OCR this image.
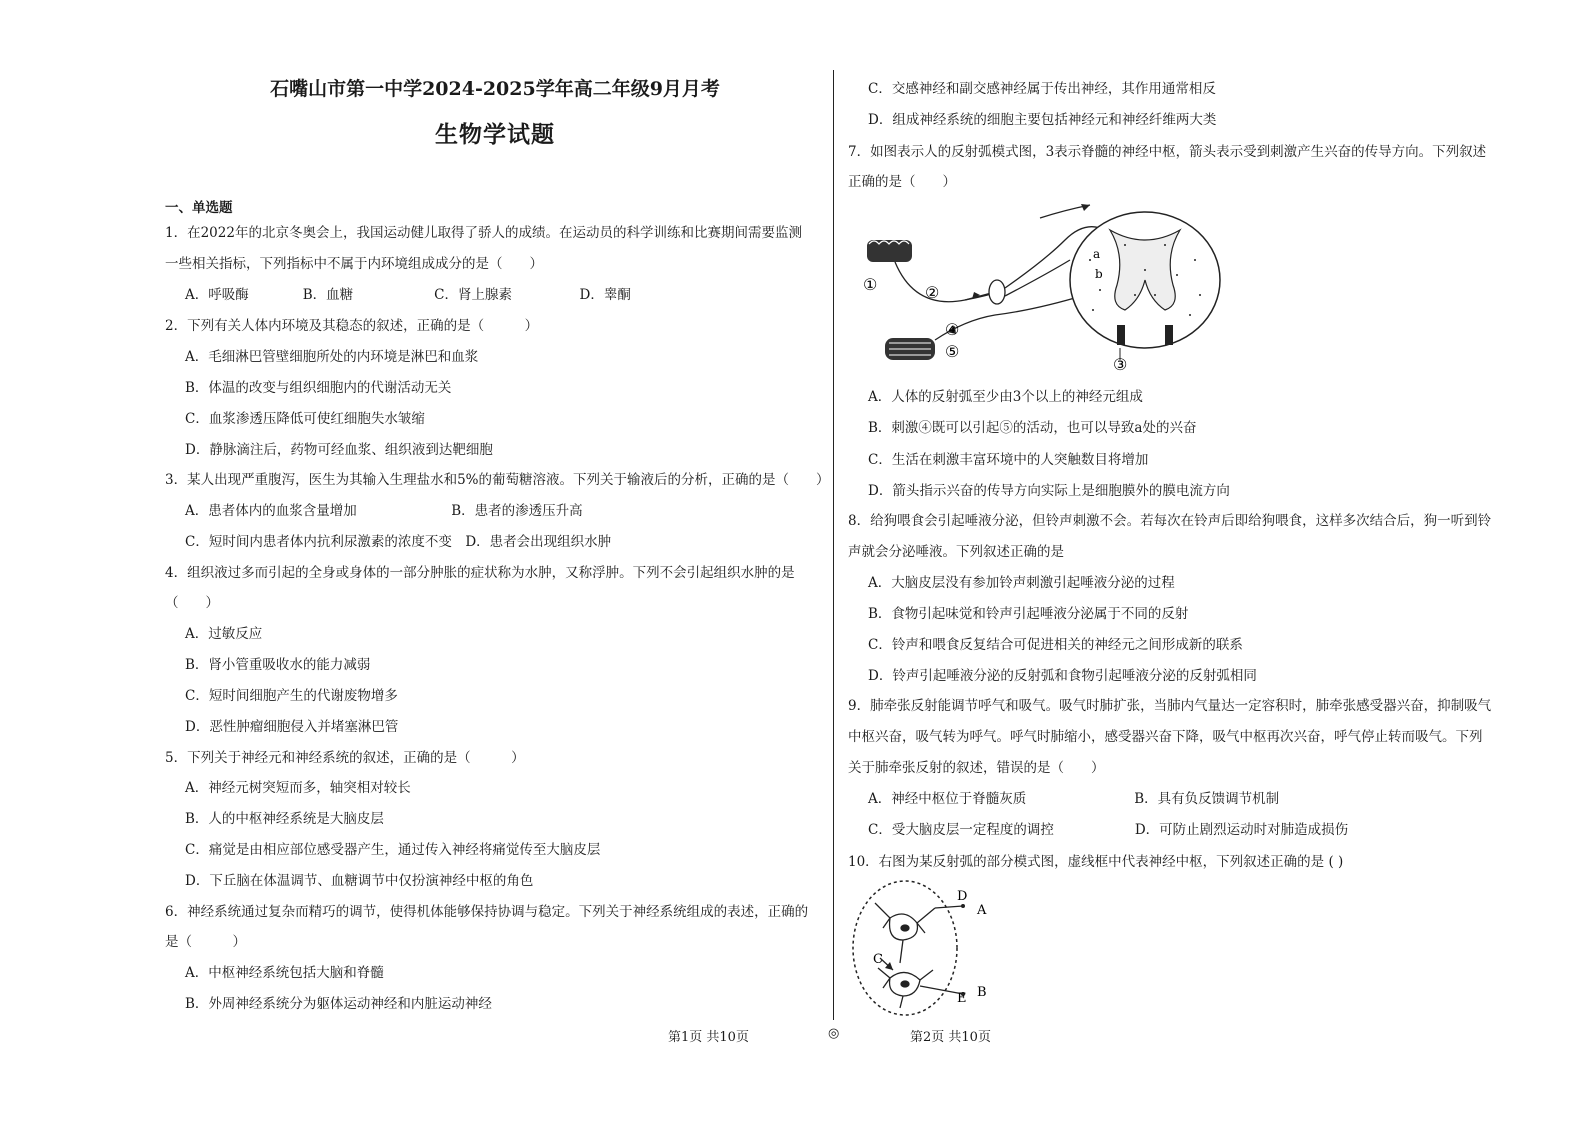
石嘴山市第一中学2024-2025学年高二年级9月月考
生物学试题
一、单选题
1．在2022年的北京冬奥会上，我国运动健儿取得了骄人的成绩。在运动员的科学训练和比赛期间需要监测
一些相关指标，下列指标中不属于内环境组成成分的是（　　）
A．呼吸酶　　　　B．血糖　　　　　　C．肾上腺素　　　　　D．睾酮
2．下列有关人体内环境及其稳态的叙述，正确的是（　　　）
A．毛细淋巴管壁细胞所处的内环境是淋巴和血浆
B．体温的改变与组织细胞内的代谢活动无关
C．血浆渗透压降低可使红细胞失水皱缩
D．静脉滴注后，药物可经血浆、组织液到达靶细胞
3．某人出现严重腹泻，医生为其输入生理盐水和5%的葡萄糖溶液。下列关于输液后的分析，正确的是（　　）
A．患者体内的血浆含量增加　　　　　　　B．患者的渗透压升高
C．短时间内患者体内抗利尿激素的浓度不变　D．患者会出现组织水肿
4．组织液过多而引起的全身或身体的一部分肿胀的症状称为水肿，又称浮肿。下列不会引起组织水肿的是
（　　）
A．过敏反应
B．肾小管重吸收水的能力减弱
C．短时间细胞产生的代谢废物增多
D．恶性肿瘤细胞侵入并堵塞淋巴管
5．下列关于神经元和神经系统的叙述，正确的是（　　　）
A．神经元树突短而多，轴突相对较长
B．人的中枢神经系统是大脑皮层
C．痛觉是由相应部位感受器产生，通过传入神经将痛觉传至大脑皮层
D．下丘脑在体温调节、血糖调节中仅扮演神经中枢的角色
6．神经系统通过复杂而精巧的调节，使得机体能够保持协调与稳定。下列关于神经系统组成的表述，正确的
是（　　　）
A．中枢神经系统包括大脑和脊髓
B．外周神经系统分为躯体运动神经和内脏运动神经
C．交感神经和副交感神经属于传出神经，其作用通常相反
D．组成神经系统的细胞主要包括神经元和神经纤维两大类
7．如图表示人的反射弧模式图，3表示脊髓的神经中枢，箭头表示受到刺激产生兴奋的传导方向。下列叙述
正确的是（　　）
A．人体的反射弧至少由3个以上的神经元组成
B．刺激④既可以引起⑤的活动，也可以导致a处的兴奋
C．生活在刺激丰富环境中的人突触数目将增加
D．箭头指示兴奋的传导方向实际上是细胞膜外的膜电流方向
8．给狗喂食会引起唾液分泌，但铃声刺激不会。若每次在铃声后即给狗喂食，这样多次结合后，狗一听到铃
声就会分泌唾液。下列叙述正确的是
A．大脑皮层没有参加铃声刺激引起唾液分泌的过程
B．食物引起味觉和铃声引起唾液分泌属于不同的反射
C．铃声和喂食反复结合可促进相关的神经元之间形成新的联系
D．铃声引起唾液分泌的反射弧和食物引起唾液分泌的反射弧相同
9．肺牵张反射能调节呼气和吸气。吸气时肺扩张，当肺内气量达一定容积时，肺牵张感受器兴奋，抑制吸气
中枢兴奋，吸气转为呼气。呼气时肺缩小，感受器兴奋下降，吸气中枢再次兴奋，呼气停止转而吸气。下列
关于肺牵张反射的叙述，错误的是（　　）
A．神经中枢位于脊髓灰质　　　　　　　　B．具有负反馈调节机制
C．受大脑皮层一定程度的调控　　　　　　D．可防止剧烈运动时对肺造成损伤
10．右图为某反射弧的部分模式图，虚线框中代表神经中枢，下列叙述正确的是 ( )
①	②
④
⑤
③
a
b
D
A
C
E B
第1页 共10页	◎	第2页 共10页
